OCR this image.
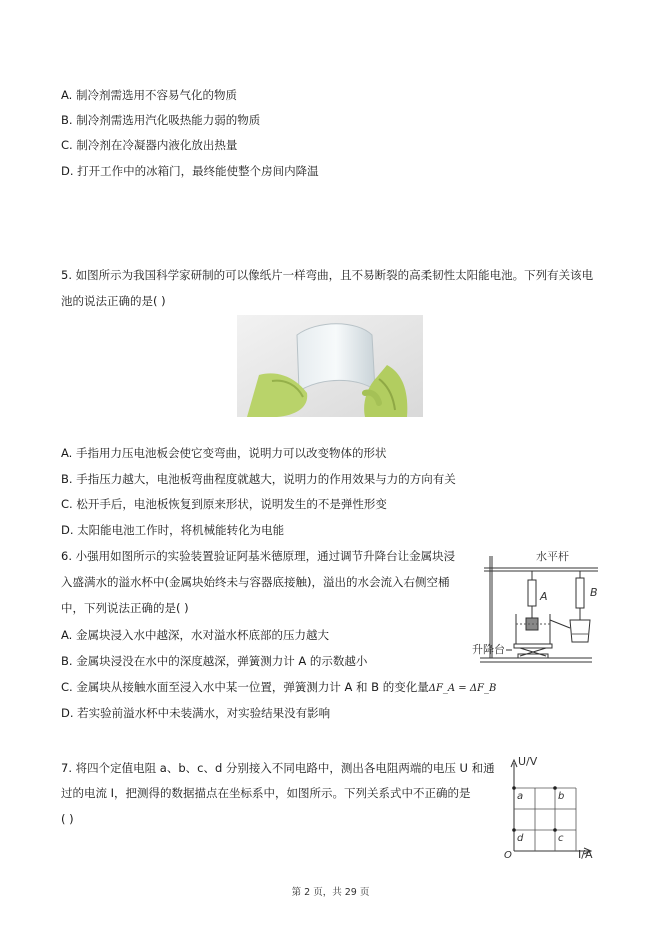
A. 制冷剂需选用不容易气化的物质
B. 制冷剂需选用汽化吸热能力弱的物质
C. 制冷剂在冷凝器内液化放出热量
D. 打开工作中的冰箱门，最终能使整个房间内降温
5. 如图所示为我国科学家研制的可以像纸片一样弯曲，且不易断裂的高柔韧性太阳能电池。下列有关该电
池的说法正确的是( )
A. 手指用力压电池板会使它变弯曲，说明力可以改变物体的形状
B. 手指压力越大，电池板弯曲程度就越大，说明力的作用效果与力的方向有关
C. 松开手后，电池板恢复到原来形状，说明发生的不是弹性形变
D. 太阳能电池工作时，将机械能转化为电能
6. 小强用如图所示的实验装置验证阿基米德原理，通过调节升降台让金属块浸
入盛满水的溢水杯中(金属块始终未与容器底接触)，溢出的水会流入右侧空桶
中，下列说法正确的是( )
A. 金属块浸入水中越深，水对溢水杯底部的压力越大
B. 金属块浸没在水中的深度越深，弹簧测力计 A 的示数越小
C. 金属块从接触水面至浸入水中某一位置，弹簧测力计 A 和 B 的变化量ΔF_A = ΔF_B
D. 若实验前溢水杯中未装满水，对实验结果没有影响
水平杆
A	B
升降台
7. 将四个定值电阻 a、b、c、d 分别接入不同电路中，测出各电阻两端的电压 U 和通
过的电流 I，把测得的数据描点在坐标系中，如图所示。下列关系式中不正确的是
( )
U/V
I/A
O
a	b
c
d
第 2 页，共 29 页
